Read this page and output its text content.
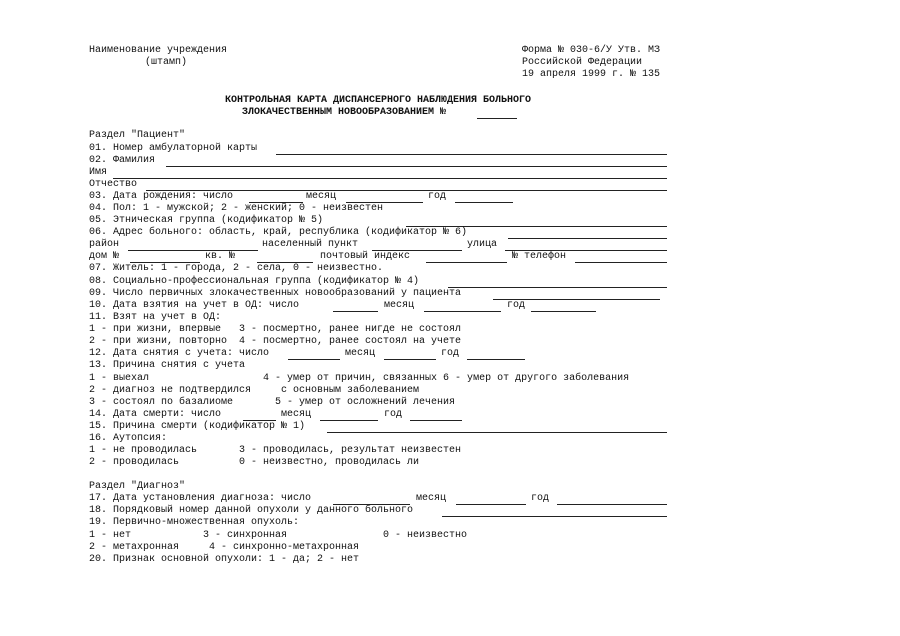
Наименование учреждения
(штамп)
Форма № 030-6/У Утв. МЗ
Российской Федерации
19 апреля 1999 г. № 135
КОНТРОЛЬНАЯ КАРТА ДИСПАНСЕРНОГО НАБЛЮДЕНИЯ БОЛЬНОГО
ЗЛОКАЧЕСТВЕННЫМ НОВООБРАЗОВАНИЕМ №
Раздел "Пациент"
01. Номер амбулаторной карты
02. Фамилия
Имя
Отчество
03. Дата рождения: число	месяц	год
04. Пол: 1 - мужской; 2 - женский; 0 - неизвестен
05. Этническая группа (кодификатор № 5)
06. Адрес больного: область, край, республика (кодификатор № 6)
район	населенный пункт	улица
дом №	кв. №	почтовый индекс	№ телефон
07. Житель: 1 - города, 2 - села, 0 - неизвестно.
08. Социально-профессиональная группа (кодификатор № 4)
09. Число первичных злокачественных новообразований у пациента
10. Дата взятия на учет в ОД: число	месяц	год
11. Взят на учет в ОД:
1 - при жизни, впервые   3 - посмертно, ранее нигде не состоял
2 - при жизни, повторно  4 - посмертно, ранее состоял на учете
12. Дата снятия с учета: число	месяц	год
13. Причина снятия с учета
1 - выехал                   4 - умер от причин, связанных 6 - умер от другого заболевания
2 - диагноз не подтвердился     с основным заболеванием
3 - состоял по базалиоме       5 - умер от осложнений лечения
14. Дата смерти: число	месяц	год
15. Причина смерти (кодификатор № 1)
16. Аутопсия:
1 - не проводилась       3 - проводилась, результат неизвестен
2 - проводилась          0 - неизвестно, проводилась ли
Раздел "Диагноз"
17. Дата установления диагноза: число	месяц	год
18. Порядковый номер данной опухоли у данного больного
19. Первично-множественная опухоль:
1 - нет            3 - синхронная                0 - неизвестно
2 - метахронная     4 - синхронно-метахронная
20. Признак основной опухоли: 1 - да; 2 - нет
